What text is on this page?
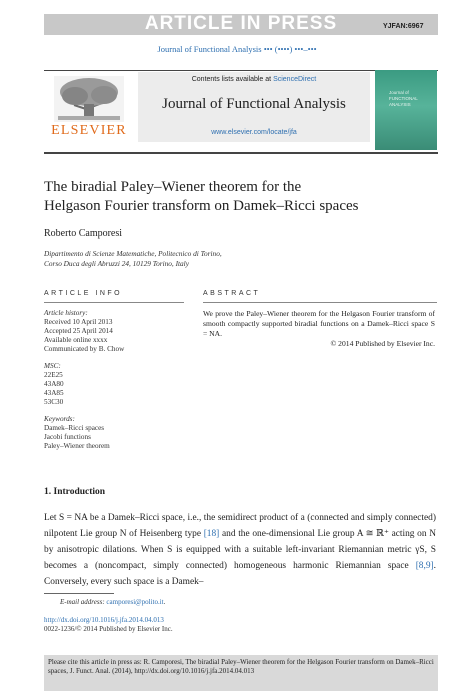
ARTICLE IN PRESS	YJFAN:6967
Journal of Functional Analysis ••• (••••) •••–•••
ELSEVIER
Contents lists available at ScienceDirect
Journal of Functional Analysis
www.elsevier.com/locate/jfa
Journal of
FUNCTIONAL
ANALYSIS
The biradial Paley–Wiener theorem for the
Helgason Fourier transform on Damek–Ricci spaces
Roberto Camporesi
Dipartimento di Scienze Matematiche, Politecnico di Torino,
Corso Duca degli Abruzzi 24, 10129 Torino, Italy
ARTICLE INFO	ABSTRACT
Article history:
Received 10 April 2013
Accepted 25 April 2014
Available online xxxx
Communicated by B. Chow
MSC:
22E25
43A80
43A85
53C30
Keywords:
Damek–Ricci spaces
Jacobi functions
Paley–Wiener theorem
We prove the Paley–Wiener theorem for the Helgason Fourier transform of smooth compactly supported biradial functions on a Damek–Ricci space S = NA.
© 2014 Published by Elsevier Inc.
1. Introduction
Let S = NA be a Damek–Ricci space, i.e., the semidirect product of a (connected and simply connected) nilpotent Lie group N of Heisenberg type [18] and the one-dimensional Lie group A ≅ ℝ⁺ acting on N by anisotropic dilations. When S is equipped with a suitable left-invariant Riemannian metric γS, S becomes a (noncompact, simply connected) homogeneous harmonic Riemannian space [8,9]. Conversely, every such space is a Damek–
E-mail address: camporesi@polito.it.
http://dx.doi.org/10.1016/j.jfa.2014.04.013
0022-1236/© 2014 Published by Elsevier Inc.
Please cite this article in press as: R. Camporesi, The biradial Paley–Wiener theorem for the Helgason Fourier transform on Damek–Ricci spaces, J. Funct. Anal. (2014), http://dx.doi.org/10.1016/j.jfa.2014.04.013
